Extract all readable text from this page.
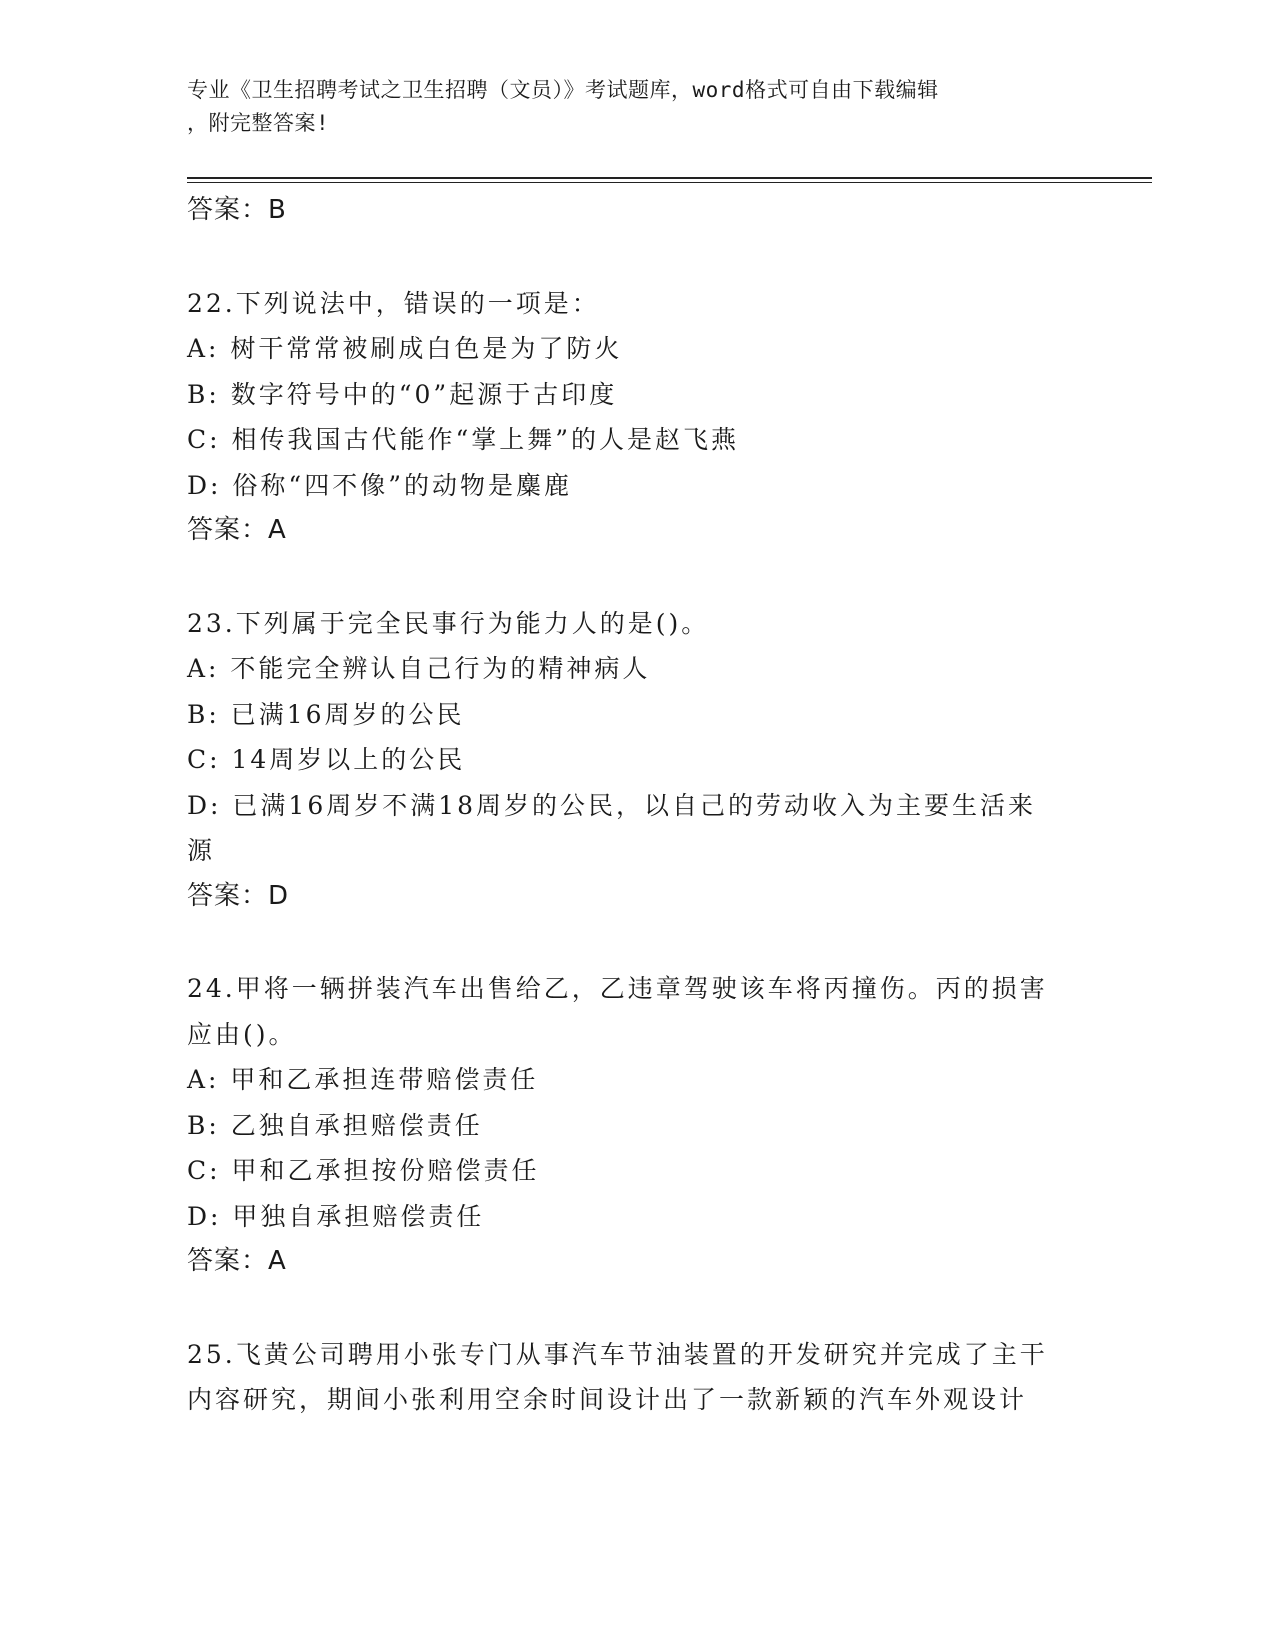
专业《卫生招聘考试之卫生招聘（文员）》考试题库，word格式可自由下载编辑
，附完整答案!
答案：B
22.下列说法中，错误的一项是：
A: 树干常常被刷成白色是为了防火
B: 数字符号中的“0”起源于古印度
C: 相传我国古代能作“掌上舞”的人是赵飞燕
D: 俗称“四不像”的动物是麋鹿
答案：A
23.下列属于完全民事行为能力人的是()。
A: 不能完全辨认自己行为的精神病人
B: 已满16周岁的公民
C: 14周岁以上的公民
D: 已满16周岁不满18周岁的公民，以自己的劳动收入为主要生活来
源
答案：D
24.甲将一辆拼装汽车出售给乙，乙违章驾驶该车将丙撞伤。丙的损害
应由()。
A: 甲和乙承担连带赔偿责任
B: 乙独自承担赔偿责任
C: 甲和乙承担按份赔偿责任
D: 甲独自承担赔偿责任
答案：A
25.飞黄公司聘用小张专门从事汽车节油装置的开发研究并完成了主干
内容研究，期间小张利用空余时间设计出了一款新颖的汽车外观设计
